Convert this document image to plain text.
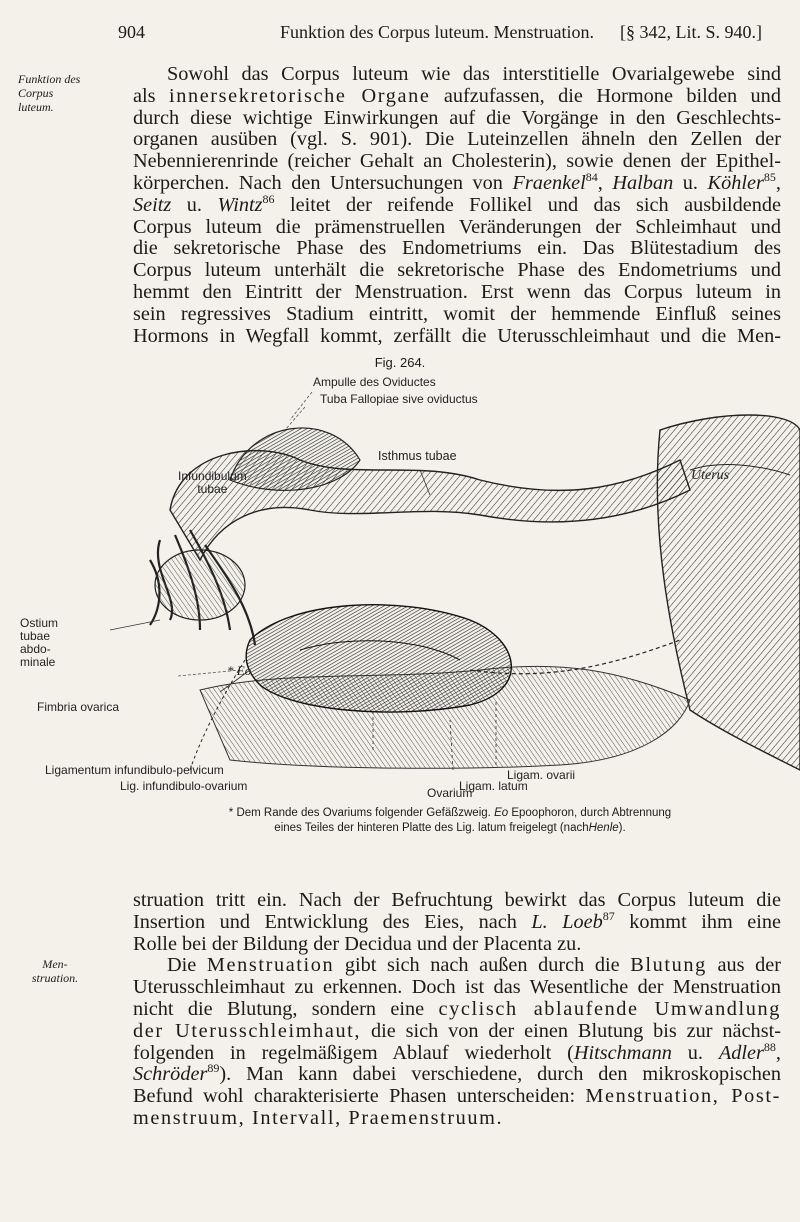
904	Funktion des Corpus luteum. Menstruation. [§ 342, Lit. S. 940.]
Funktion des
Corpus
luteum.
Sowohl das Corpus luteum wie das interstitielle Ovarialgewebe sind
als innersekretorische Organe aufzufassen, die Hormone bilden und
durch diese wichtige Einwirkungen auf die Vorgänge in den Geschlechts-
organen ausüben (vgl. S. 901). Die Luteinzellen ähneln den Zellen der
Nebennierenrinde (reicher Gehalt an Cholesterin), sowie denen der Epithel-
körperchen. Nach den Untersuchungen von Fraenkel$^{84}$, Halban u. Köhler$^{85}$,
Seitz u. Wintz$^{86}$ leitet der reifende Follikel und das sich ausbildende
Corpus luteum die prämenstruellen Veränderungen der Schleimhaut und
die sekretorische Phase des Endometriums ein. Das Blütestadium des
Corpus luteum unterhält die sekretorische Phase des Endometriums und
hemmt den Eintritt der Menstruation. Erst wenn das Corpus luteum in
sein regressives Stadium eintritt, womit der hemmende Einfluß seines
Hormons in Wegfall kommt, zerfällt die Uterusschleimhaut und die Men-
Fig. 264.
Ampulle des Oviductes
Tuba Fallopiae sive oviductus
Isthmus tubae
Infundibulum
tubae
Uterus
Ostium
tubae
abdo-
minale
* Eo
Fimbria ovarica
Ligamentum infundibulo-pelvicum
Lig. infundibulo-ovarium	Ovarium
Ligam. latum
Ligam. ovarii
* Dem Rande des Ovariums folgender Gefäßzweig. Eo Epoophoron, durch Abtrennung
eines Teiles der hinteren Platte des Lig. latum freigelegt (nachHenle).
Men-
struation.
struation tritt ein. Nach der Befruchtung bewirkt das Corpus luteum die
Insertion und Entwicklung des Eies, nach L. Loeb$^{87}$ kommt ihm eine
Rolle bei der Bildung der Decidua und der Placenta zu.
Die Menstruation gibt sich nach außen durch die Blutung aus der
Uterusschleimhaut zu erkennen. Doch ist das Wesentliche der Menstruation
nicht die Blutung, sondern eine cyclisch ablaufende Umwandlung
der Uterusschleimhaut, die sich von der einen Blutung bis zur nächst-
folgenden in regelmäßigem Ablauf wiederholt (Hitschmann u. Adler$^{88}$,
Schröder$^{89}$). Man kann dabei verschiedene, durch den mikroskopischen
Befund wohl charakterisierte Phasen unterscheiden: Menstruation, Post-
menstruum, Intervall, Praemenstruum.
